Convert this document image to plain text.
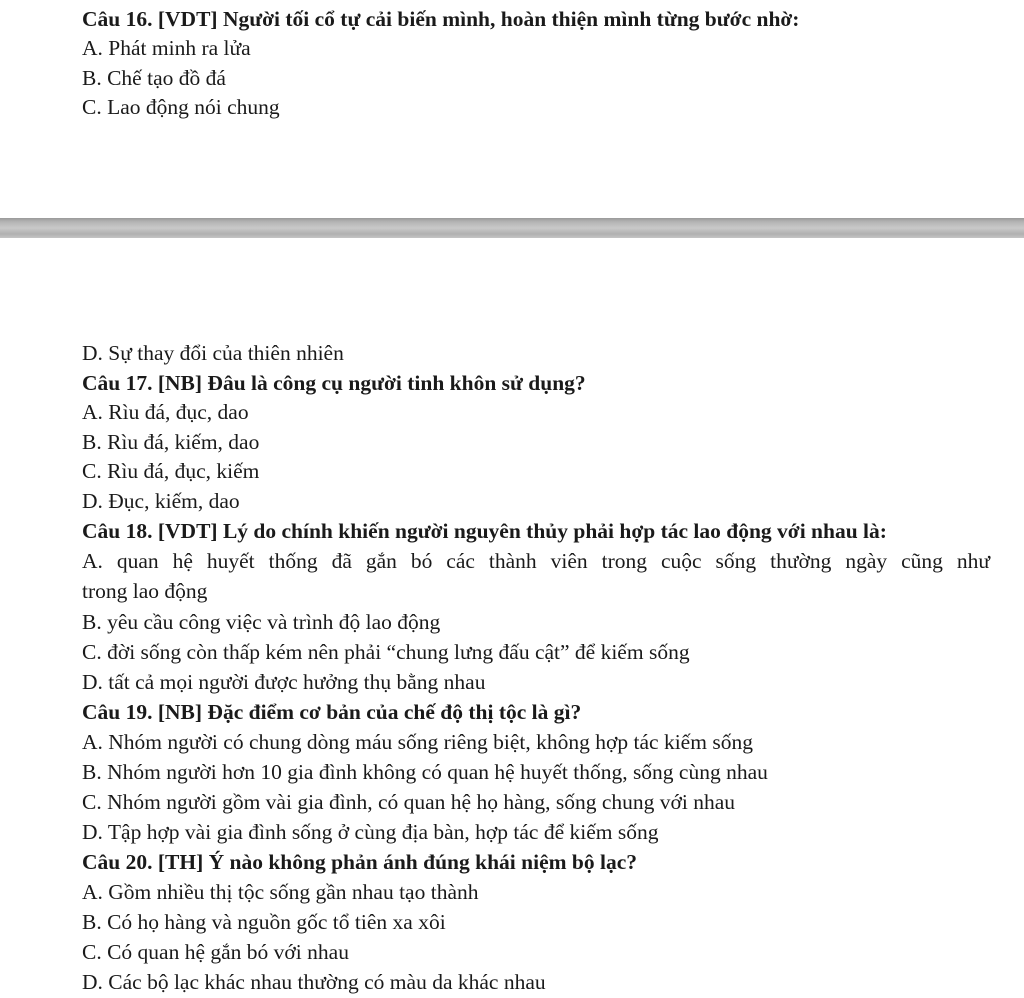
Câu 16. [VDT] Người tối cổ tự cải biến mình, hoàn thiện mình từng bước nhờ:
A. Phát minh ra lửa
B. Chế tạo đồ đá
C. Lao động nói chung
D. Sự thay đổi của thiên nhiên
Câu 17. [NB] Đâu là công cụ người tinh khôn sử dụng?
A. Rìu đá, đục, dao
B. Rìu đá, kiếm, dao
C. Rìu đá, đục, kiếm
D. Đục, kiếm, dao
Câu 18. [VDT] Lý do chính khiến người nguyên thủy phải hợp tác lao động với nhau là:
A. quan hệ huyết thống đã gắn bó các thành viên trong cuộc sống thường ngày cũng như
trong lao động
B. yêu cầu công việc và trình độ lao động
C. đời sống còn thấp kém nên phải “chung lưng đấu cật” để kiếm sống
D. tất cả mọi người được hưởng thụ bằng nhau
Câu 19. [NB] Đặc điểm cơ bản của chế độ thị tộc là gì?
A. Nhóm người có chung dòng máu sống riêng biệt, không hợp tác kiếm sống
B. Nhóm người hơn 10 gia đình không có quan hệ huyết thống, sống cùng nhau
C. Nhóm người gồm vài gia đình, có quan hệ họ hàng, sống chung với nhau
D. Tập hợp vài gia đình sống ở cùng địa bàn, hợp tác để kiếm sống
Câu 20. [TH] Ý nào không phản ánh đúng khái niệm bộ lạc?
A. Gồm nhiều thị tộc sống gần nhau tạo thành
B. Có họ hàng và nguồn gốc tổ tiên xa xôi
C. Có quan hệ gắn bó với nhau
D. Các bộ lạc khác nhau thường có màu da khác nhau
